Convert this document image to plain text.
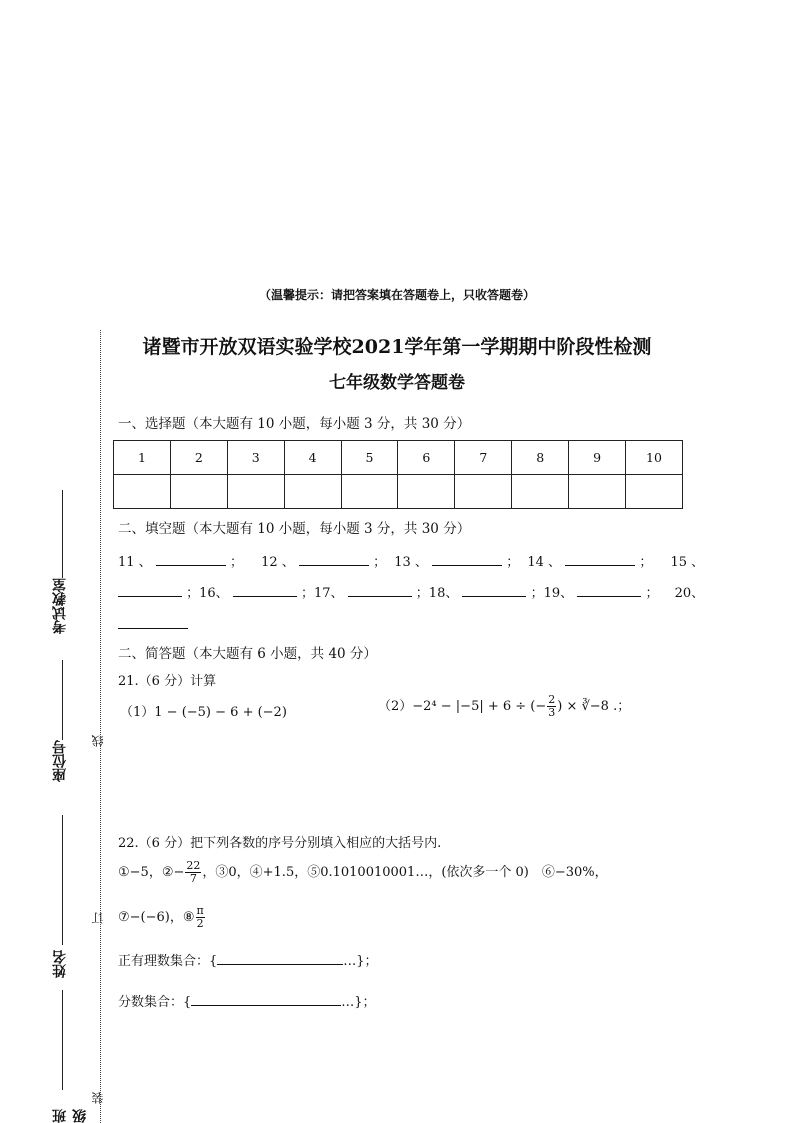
（温馨提示：请把答案填在答题卷上，只收答题卷）
诸暨市开放双语实验学校2021学年第一学期期中阶段性检测
七年级数学答题卷
一、选择题（本大题有 10 小题，每小题 3 分，共 30 分）
1	2	3	4	5	6	7	8	9	10

二、填空题（本大题有 10 小题，每小题 3 分，共 30 分）
11 、	； 12 、	； 13 、	； 14 、	； 15 、
；16、	；17、	；18、	；19、	； 20、
二、简答题（本大题有 6 小题，共 40 分）
21.（6 分）计算
（1）1 − (−5) − 6 + (−2)	（2）−2⁴ − |−5| + 6 ÷ (− $\frac{2}{3}$ ) × ∛−8 .；
22.（6 分）把下列各数的序号分别填入相应的大括号内.
①−5，②− $\frac{22}{7}$ ，③0，④+1.5，⑤0.1010010001…，(依次多一个 0)　⑥−30%，
⑦−(−6)，⑧ $\frac{\pi}{2}$
正有理数集合：{	…}；
分数集合：{	…}；
线
订
装
考试教室
座位号
姓名
班级
